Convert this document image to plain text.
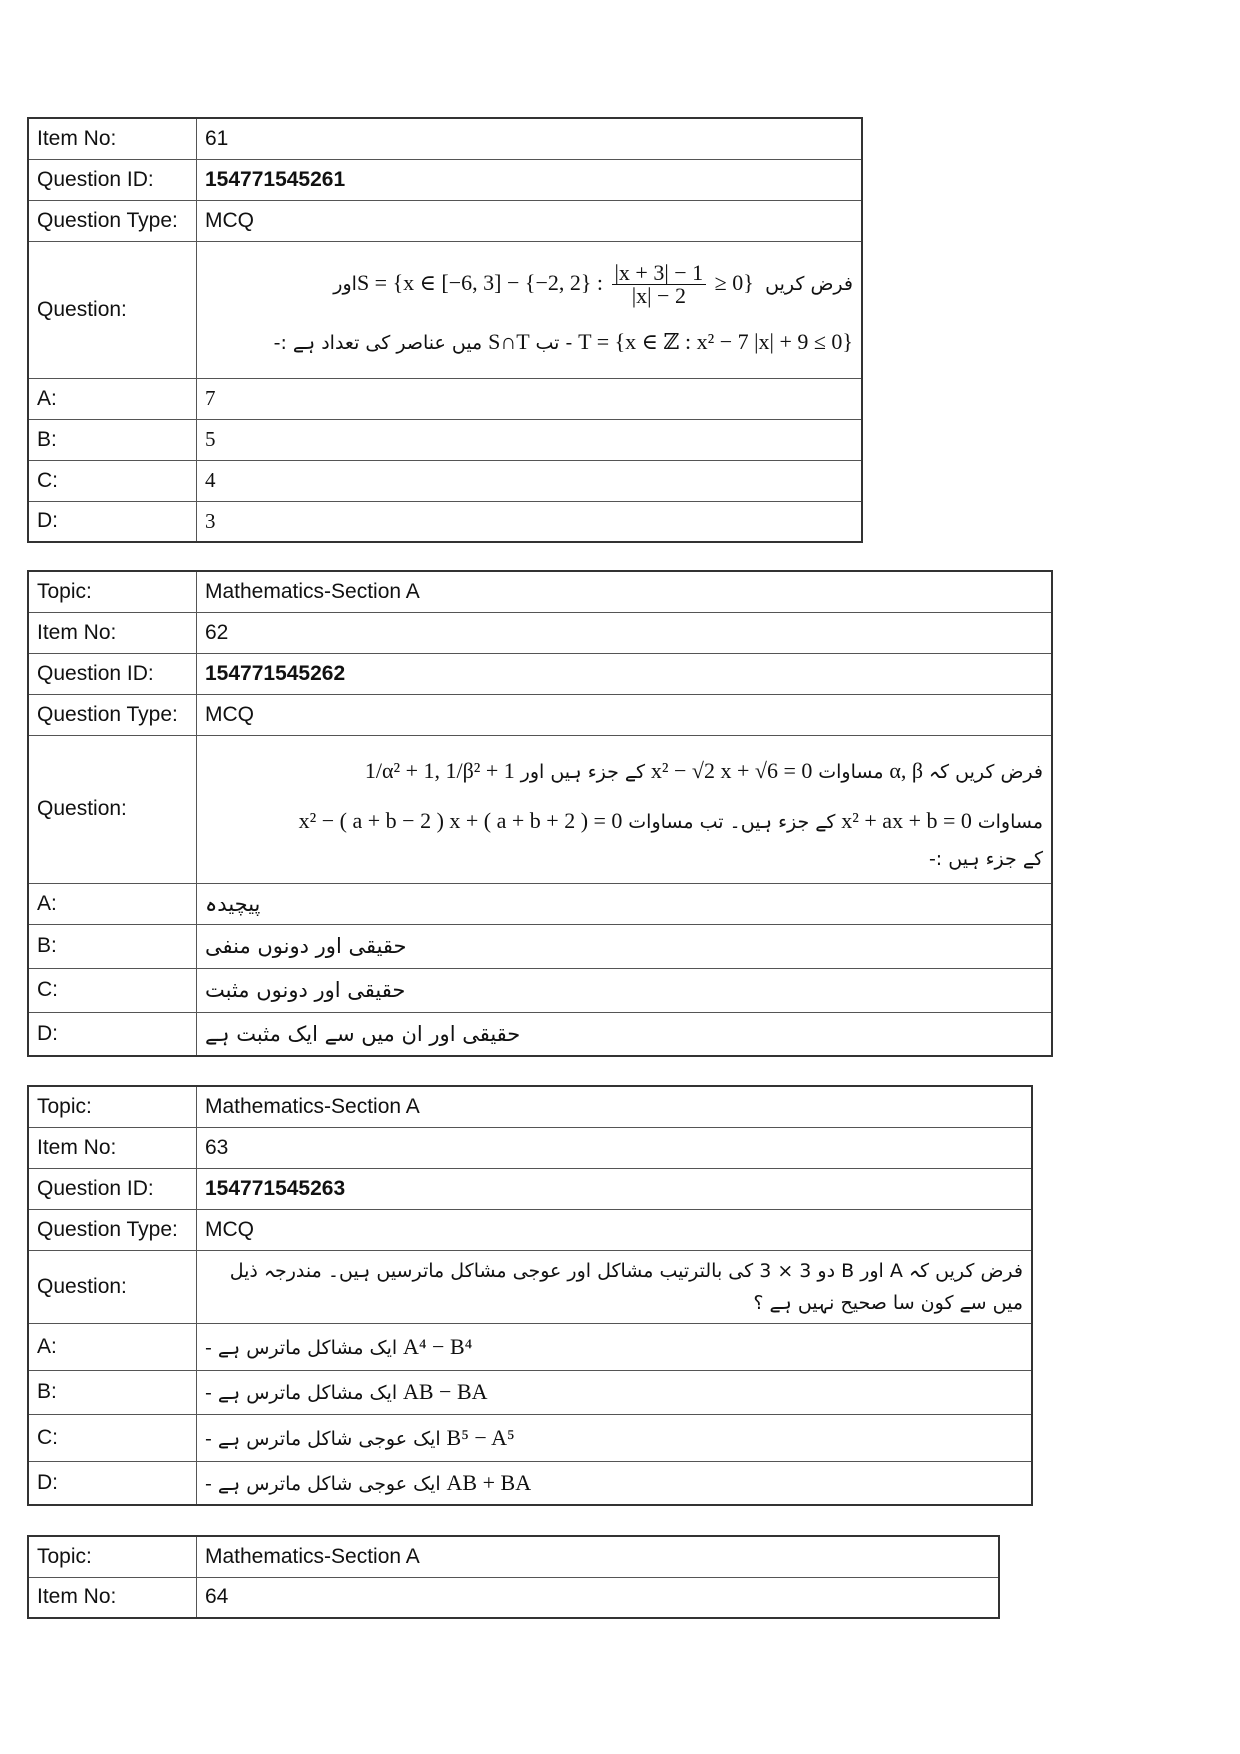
Item No:	61
Question ID:	154771545261
Question Type:	MCQ
Question:	فرض کریں S = {x ∈ [−6, 3] − {−2, 2} : $\frac{|x + 3| - 1}{|x| - 2} \ge 0$} اور
T = {x ∈ ℤ : x² − 7 |x| + 9 ≤ 0} - تب S∩T میں عناصر کی تعداد ہے :-

A:	7
B:	5
C:	4
D:	3
Topic:	Mathematics-Section A
Item No:	62
Question ID:	154771545262
Question Type:	MCQ
Question:	فرض کریں کہ α, β مساوات x² − √2 x + √6 = 0 کے جزء ہیں اور 1/α² + 1, 1/β² + 1
مساوات x² + ax + b = 0 کے جزء ہیں۔ تب مساوات x² − ( a + b − 2 ) x + ( a + b + 2 ) = 0
کے جزء ہیں :-

A:	پیچیدہ
B:	حقیقی اور دونوں منفی
C:	حقیقی اور دونوں مثبت
D:	حقیقی اور ان میں سے ایک مثبت ہے
Topic:	Mathematics-Section A
Item No:	63
Question ID:	154771545263
Question Type:	MCQ
Question:	فرض کریں کہ A اور B دو 3 × 3 کی بالترتیب مشاکل اور عوجی مشاکل ماترسیں ہیں۔ مندرجہ ذیل
میں سے کون سا صحیح نہیں ہے ؟

A:	A⁴ − B⁴ ایک مشاکل ماترس ہے -
B:	AB − BA ایک مشاکل ماترس ہے -
C:	B⁵ − A⁵ ایک عوجی شاکل ماترس ہے -
D:	AB + BA ایک عوجی شاکل ماترس ہے -
Topic:	Mathematics-Section A
Item No:	64
